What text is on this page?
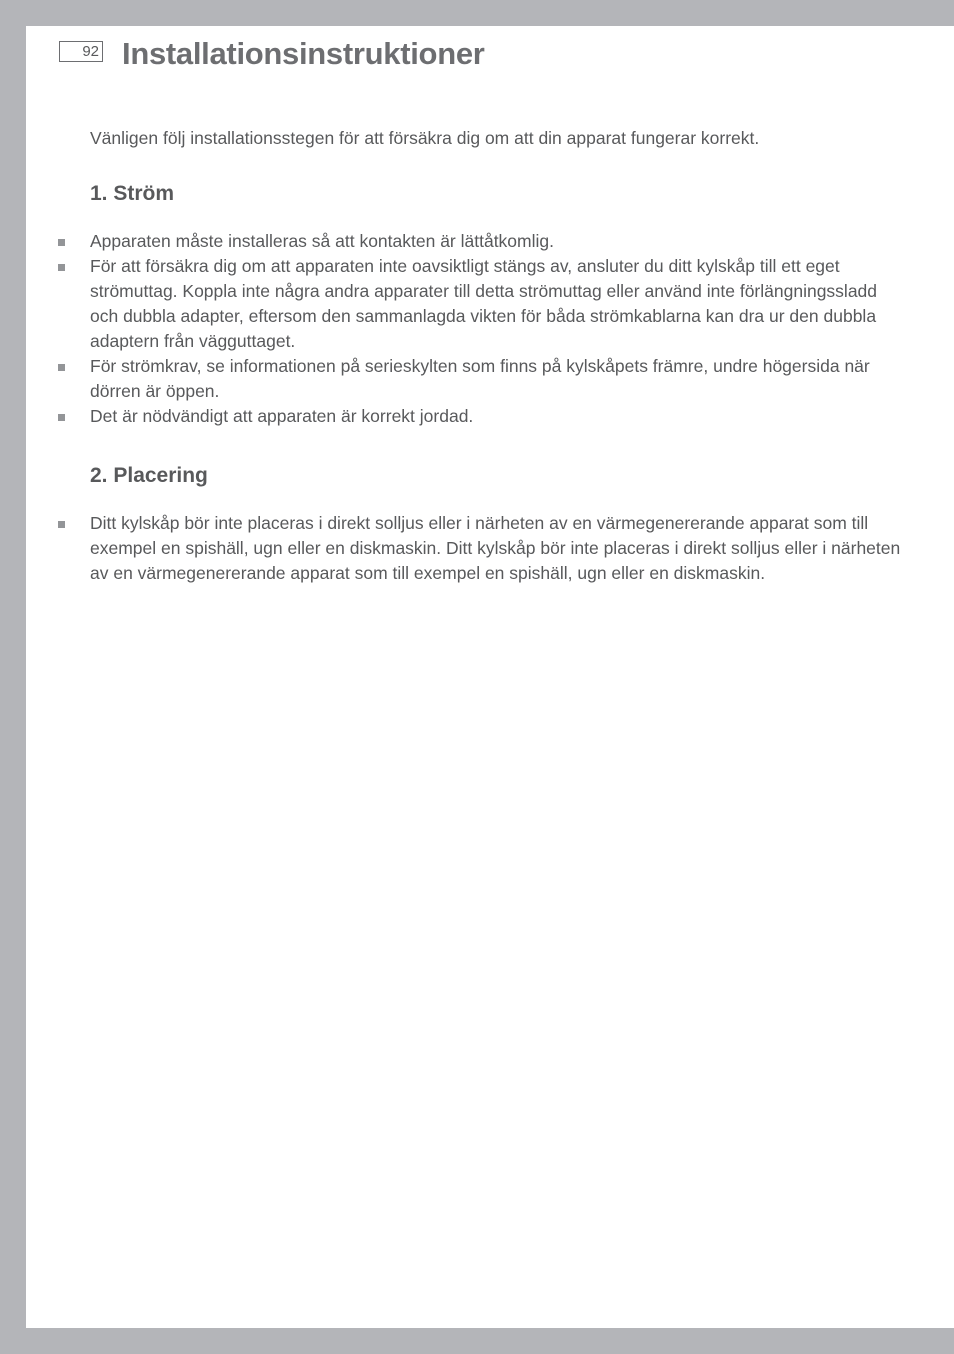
92 Installationsinstruktioner

Vänligen följ installationsstegen för att försäkra dig om att din apparat fungerar korrekt.

1. Ström
Apparaten måste installeras så att kontakten är lättåtkomlig.
För att försäkra dig om att apparaten inte oavsiktligt stängs av, ansluter du ditt kylskåp till ett eget strömuttag. Koppla inte några andra apparater till detta strömuttag eller använd inte förlängningssladd och dubbla adapter, eftersom den sammanlagda vikten för båda strömkablarna kan dra ur den dubbla adaptern från vägguttaget.
För strömkrav, se informationen på serieskylten som finns på kylskåpets främre, undre högersida när dörren är öppen.
Det är nödvändigt att apparaten är korrekt jordad.
2. Placering
Ditt kylskåp bör inte placeras i direkt solljus eller i närheten av en värmegenererande apparat som till exempel en spishäll, ugn eller en diskmaskin. Ditt kylskåp bör inte placeras i direkt solljus eller i närheten av en värmegenererande apparat som till exempel en spishäll, ugn eller en diskmaskin.
